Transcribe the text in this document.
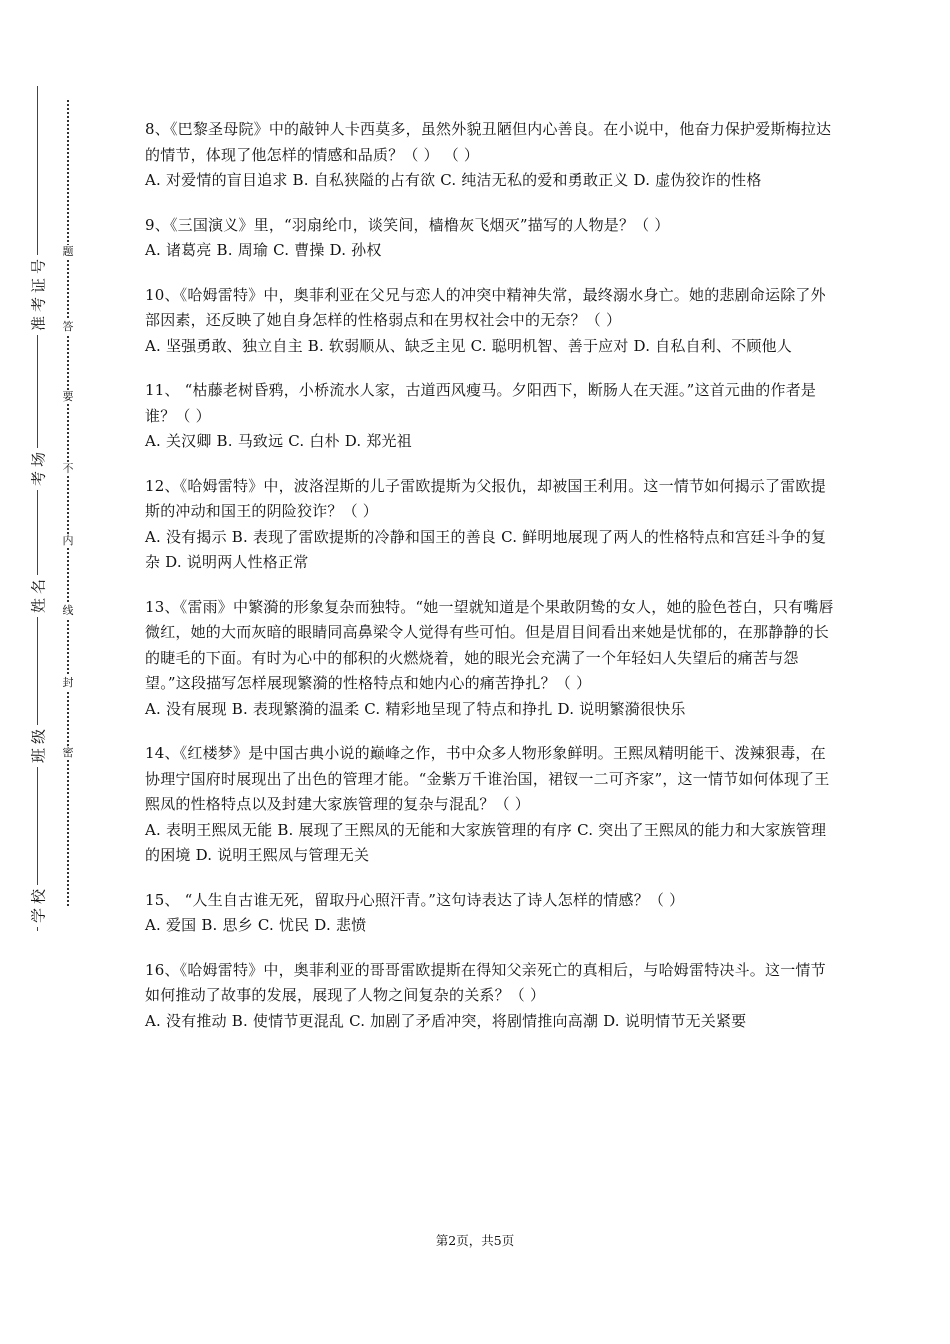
号
证
考
准
场
考
名
姓
级
班
校
学
题
答
要
不
内
线
封
密
8、《巴黎圣母院》中的敲钟人卡西莫多，虽然外貌丑陋但内心善良。在小说中，他奋力保护爱斯梅拉达的情节，体现了他怎样的情感和品质？（ ） （ ）
A. 对爱情的盲目追求 B. 自私狭隘的占有欲 C. 纯洁无私的爱和勇敢正义 D. 虚伪狡诈的性格
9、《三国演义》里，“羽扇纶巾，谈笑间，樯橹灰飞烟灭”描写的人物是？（ ）
A. 诸葛亮 B. 周瑜 C. 曹操 D. 孙权
10、《哈姆雷特》中，奥菲利亚在父兄与恋人的冲突中精神失常，最终溺水身亡。她的悲剧命运除了外部因素，还反映了她自身怎样的性格弱点和在男权社会中的无奈？（ ）
A. 坚强勇敢、独立自主 B. 软弱顺从、缺乏主见 C. 聪明机智、善于应对 D. 自私自利、不顾他人
11、 “枯藤老树昏鸦，小桥流水人家，古道西风瘦马。夕阳西下，断肠人在天涯。”这首元曲的作者是谁？（ ）
A. 关汉卿 B. 马致远 C. 白朴 D. 郑光祖
12、《哈姆雷特》中，波洛涅斯的儿子雷欧提斯为父报仇，却被国王利用。这一情节如何揭示了雷欧提斯的冲动和国王的阴险狡诈？（ ）
A. 没有揭示 B. 表现了雷欧提斯的冷静和国王的善良 C. 鲜明地展现了两人的性格特点和宫廷斗争的复杂 D. 说明两人性格正常
13、《雷雨》中繁漪的形象复杂而独特。“她一望就知道是个果敢阴鸷的女人，她的脸色苍白，只有嘴唇微红，她的大而灰暗的眼睛同高鼻梁令人觉得有些可怕。但是眉目间看出来她是忧郁的，在那静静的长的睫毛的下面。有时为心中的郁积的火燃烧着，她的眼光会充满了一个年轻妇人失望后的痛苦与怨望。”这段描写怎样展现繁漪的性格特点和她内心的痛苦挣扎？（ ）
A. 没有展现 B. 表现繁漪的温柔 C. 精彩地呈现了特点和挣扎 D. 说明繁漪很快乐
14、《红楼梦》是中国古典小说的巅峰之作，书中众多人物形象鲜明。王熙凤精明能干、泼辣狠毒，在协理宁国府时展现出了出色的管理才能。“金紫万千谁治国，裙钗一二可齐家”，这一情节如何体现了王熙凤的性格特点以及封建大家族管理的复杂与混乱？（ ）
A. 表明王熙凤无能 B. 展现了王熙凤的无能和大家族管理的有序 C. 突出了王熙凤的能力和大家族管理的困境 D. 说明王熙凤与管理无关
15、 “人生自古谁无死，留取丹心照汗青。”这句诗表达了诗人怎样的情感？（ ）
A. 爱国 B. 思乡 C. 忧民 D. 悲愤
16、《哈姆雷特》中，奥菲利亚的哥哥雷欧提斯在得知父亲死亡的真相后，与哈姆雷特决斗。这一情节如何推动了故事的发展，展现了人物之间复杂的关系？（ ）
A. 没有推动 B. 使情节更混乱 C. 加剧了矛盾冲突，将剧情推向高潮 D. 说明情节无关紧要
第2页，共5页
